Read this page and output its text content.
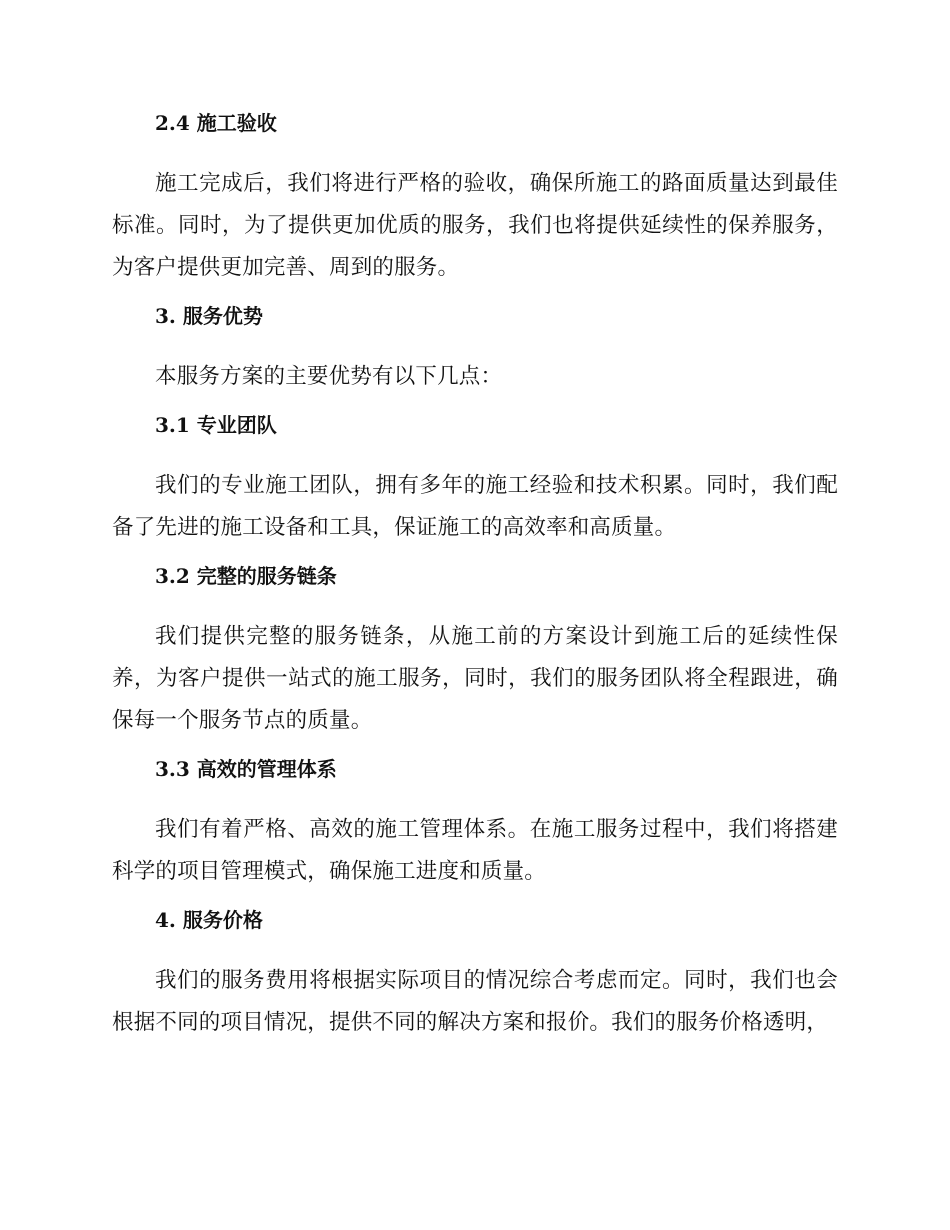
2.4 施工验收

施工完成后，我们将进行严格的验收，确保所施工的路面质量达到最佳标准。同时，为了提供更加优质的服务，我们也将提供延续性的保养服务，为客户提供更加完善、周到的服务。

3. 服务优势

本服务方案的主要优势有以下几点：

3.1 专业团队

我们的专业施工团队，拥有多年的施工经验和技术积累。同时，我们配备了先进的施工设备和工具，保证施工的高效率和高质量。

3.2 完整的服务链条

我们提供完整的服务链条，从施工前的方案设计到施工后的延续性保养，为客户提供一站式的施工服务，同时，我们的服务团队将全程跟进，确保每一个服务节点的质量。

3.3 高效的管理体系

我们有着严格、高效的施工管理体系。在施工服务过程中，我们将搭建科学的项目管理模式，确保施工进度和质量。

4. 服务价格

我们的服务费用将根据实际项目的情况综合考虑而定。同时，我们也会根据不同的项目情况，提供不同的解决方案和报价。我们的服务价格透明，
